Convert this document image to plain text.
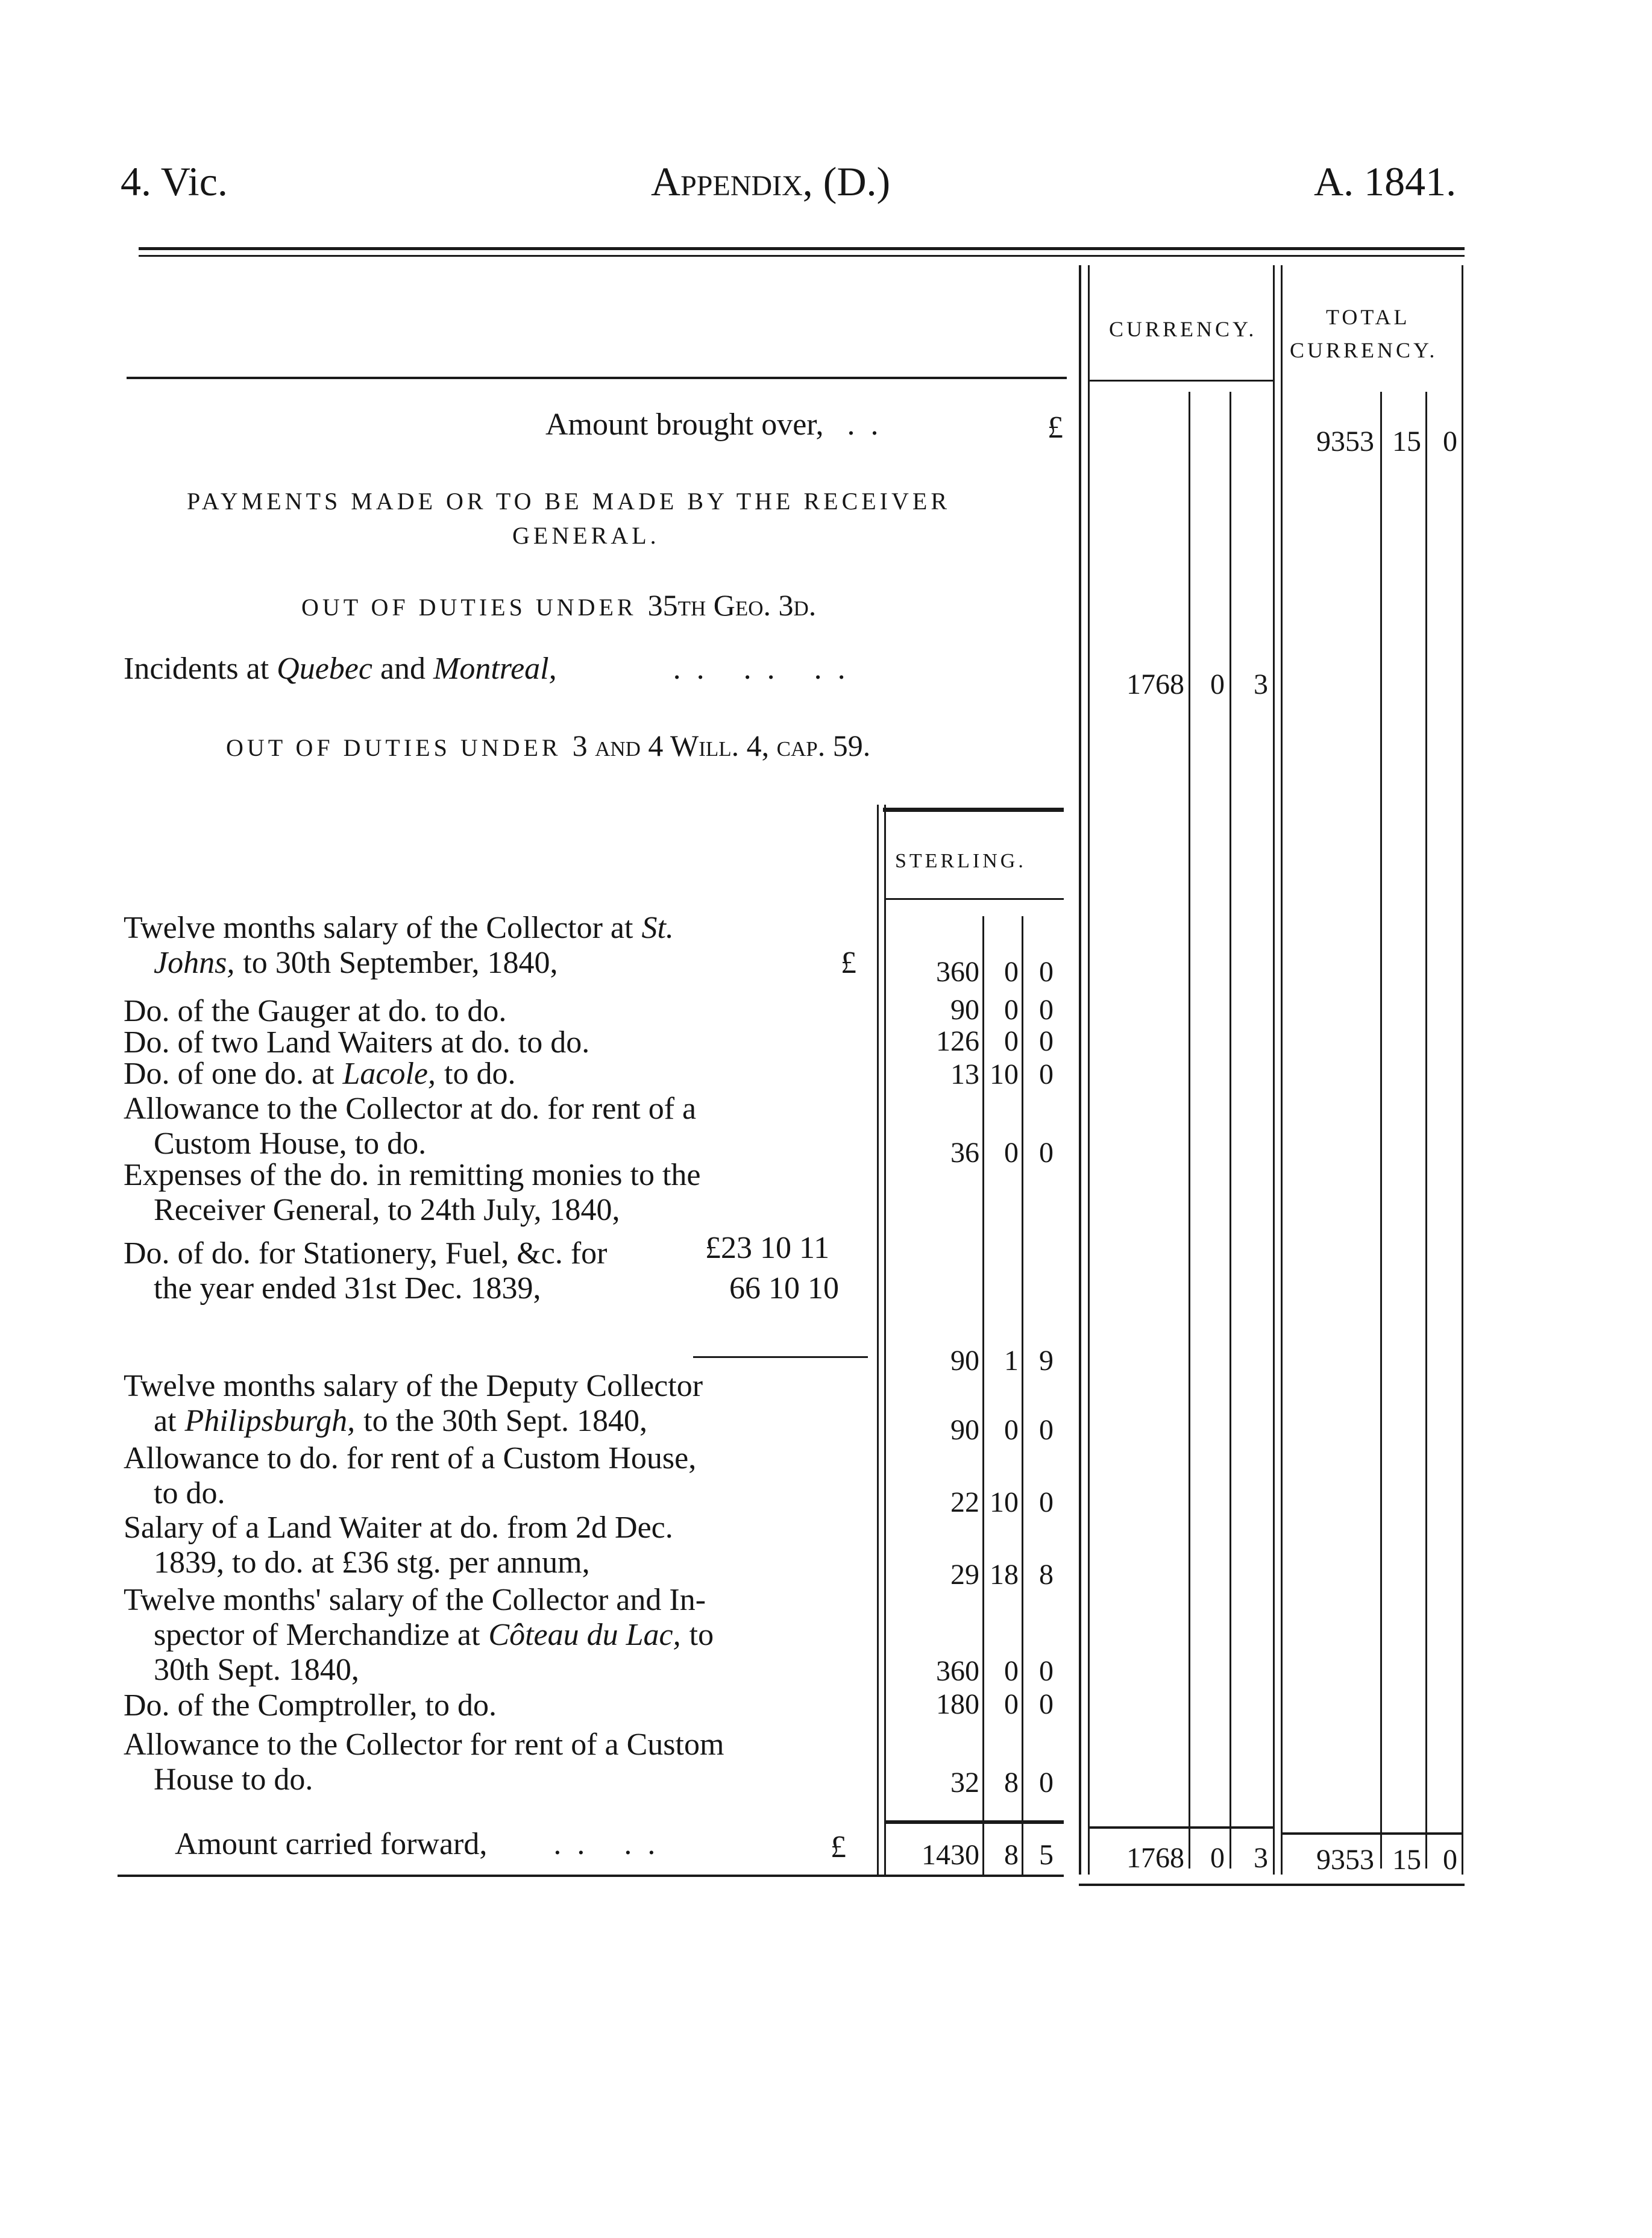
4. Vic.	Appendix, (D.)	A. 1841.
CURRENCY.	TOTAL
CURRENCY.
Amount brought over, ..	£	9353 15 0
PAYMENTS MADE OR TO BE MADE BY THE RECEIVER
GENERAL.
OUT OF DUTIES UNDER 35th Geo. 3d.
Incidents at Quebec and Montreal,	.. .. ..	1768 0	3
OUT OF DUTIES UNDER 3 and 4 Will. 4, cap. 59.
STERLING.
Twelve months salary of the Collector at St.
Johns, to 30th September, 1840,	£	360 0 0
Do. of the Gauger at do. to do.	90 0 0
Do. of two Land Waiters at do. to do.	126 0 0
Do. of one do. at Lacole, to do.	13 10 0
Allowance to the Collector at do. for rent of a
Custom House, to do.	36 0 0
Expenses of the do. in remitting monies to the
Receiver General, to 24th July, 1840,
£23 10 11
Do. of do. for Stationery, Fuel, &c. for
the year ended 31st Dec. 1839,	66 10 10
90 1 9
Twelve months salary of the Deputy Collector
at Philipsburgh, to the 30th Sept. 1840,	90 0 0
Allowance to do. for rent of a Custom House,
to do.	22 10 0
Salary of a Land Waiter at do. from 2d Dec.
1839, to do. at £36 stg. per annum,	29 18 8
Twelve months' salary of the Collector and In-
spector of Merchandize at Côteau du Lac, to
30th Sept. 1840,	360 0 0
Do. of the Comptroller, to do.	180 0 0
Allowance to the Collector for rent of a Custom
House to do.	32 8 0
Amount carried forward, .. ..	£	1430 8 5	1768 0	3	9353 15 0
